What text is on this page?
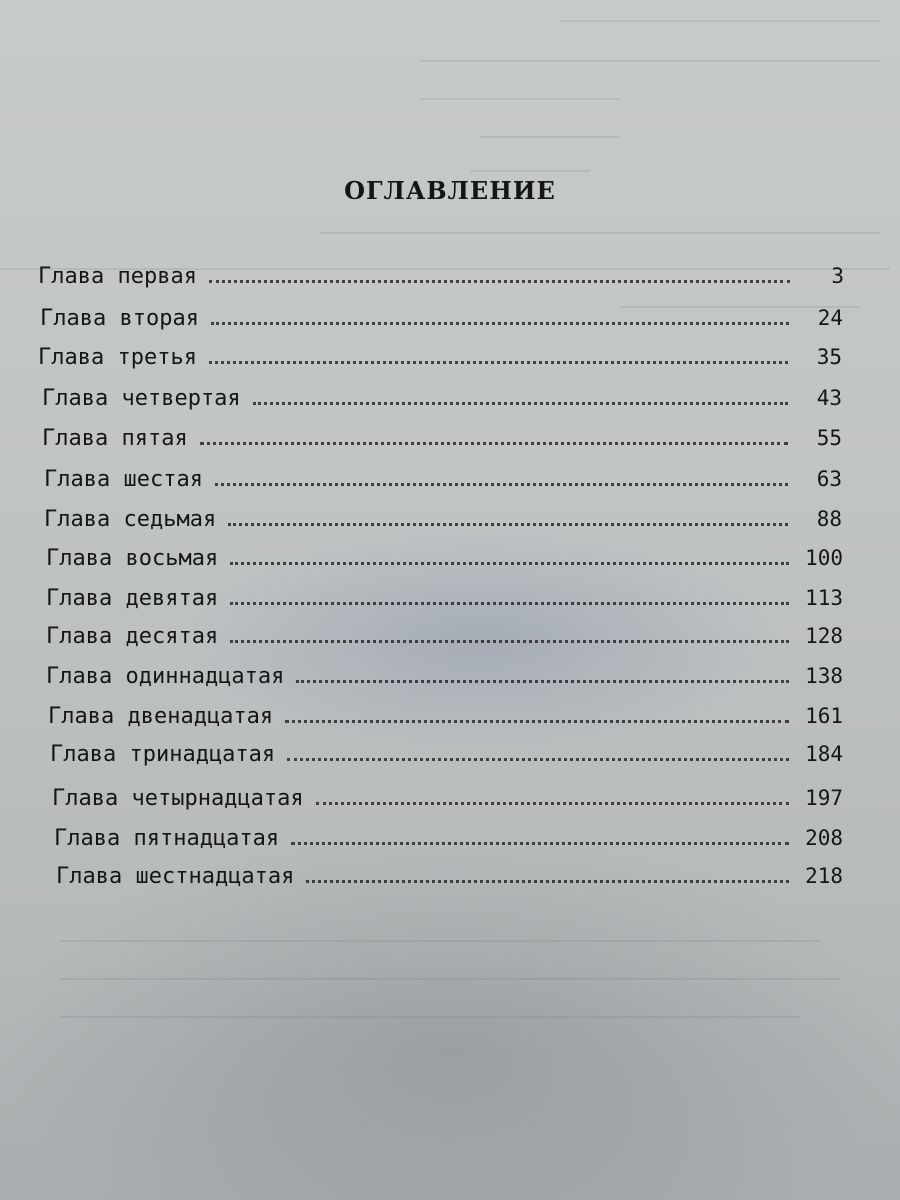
ОГЛАВЛЕНИЕ
Глава первая	3
Глава вторая	24
Глава третья	35
Глава четвертая	43
Глава пятая	55
Глава шестая	63
Глава седьмая	88
Глава восьмая	100
Глава девятая	113
Глава десятая	128
Глава одиннадцатая	138
Глава двенадцатая	161
Глава тринадцатая	184
Глава четырнадцатая	197
Глава пятнадцатая	208
Глава шестнадцатая	218
